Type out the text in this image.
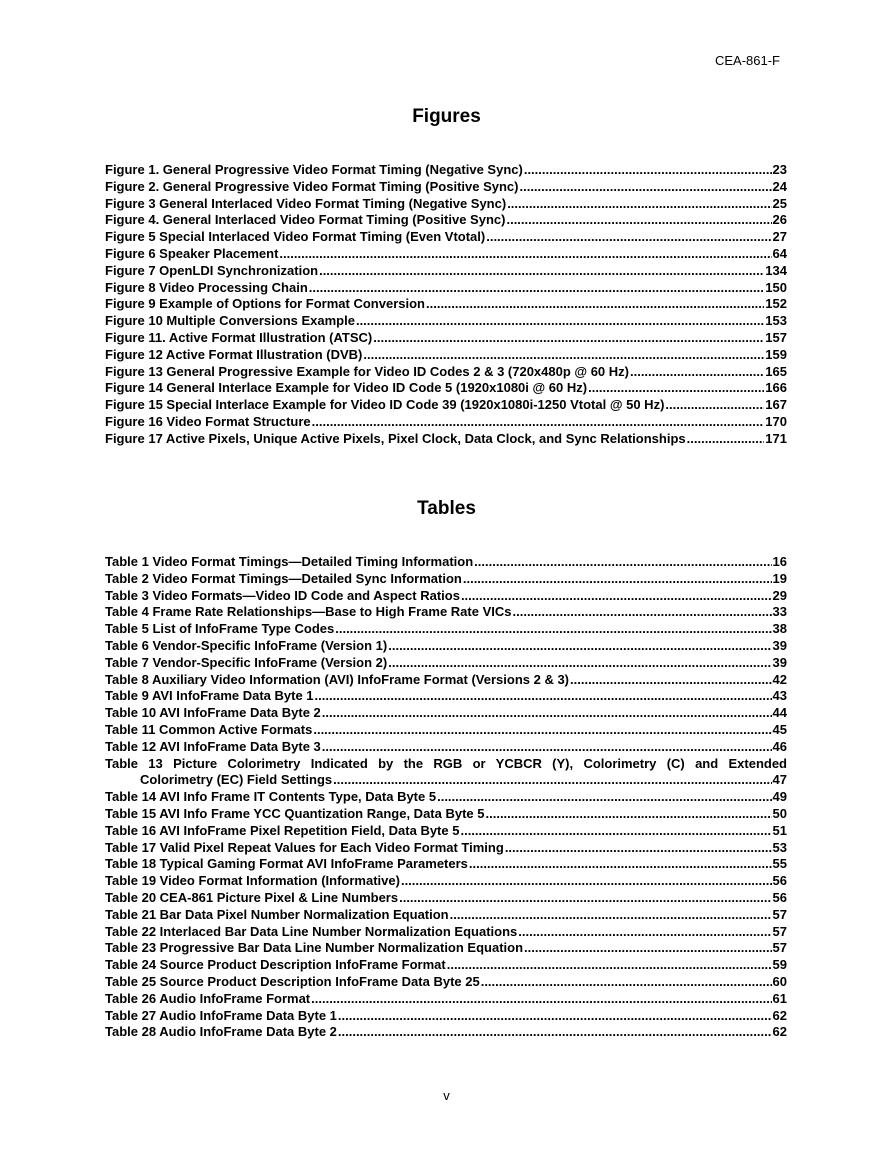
CEA-861-F
Figures
Figure 1. General Progressive Video Format Timing (Negative Sync) .....	23
Figure 2. General Progressive Video Format Timing (Positive Sync) .....	24
Figure 3 General Interlaced Video Format Timing (Negative Sync) .....	25
Figure 4. General Interlaced Video Format Timing (Positive Sync) .....	26
Figure 5 Special Interlaced Video Format Timing (Even Vtotal) .....	27
Figure 6 Speaker Placement .....	64
Figure 7 OpenLDI Synchronization .....	134
Figure 8 Video Processing Chain .....	150
Figure 9 Example of Options for Format Conversion .....	152
Figure 10 Multiple Conversions Example .....	153
Figure 11. Active Format Illustration (ATSC) .....	157
Figure 12 Active Format Illustration (DVB) .....	159
Figure 13 General Progressive Example for Video ID Codes 2 & 3 (720x480p @ 60 Hz) .....	165
Figure 14 General Interlace Example for Video ID Code 5 (1920x1080i @ 60 Hz) .....	166
Figure 15 Special Interlace Example for Video ID Code 39 (1920x1080i-1250 Vtotal @ 50 Hz) .....	167
Figure 16 Video Format Structure .....	170
Figure 17 Active Pixels, Unique Active Pixels, Pixel Clock, Data Clock, and Sync Relationships .....	171
Tables
Table 1 Video Format Timings—Detailed Timing Information .....	16
Table 2 Video Format Timings—Detailed Sync Information .....	19
Table 3 Video Formats—Video ID Code and Aspect Ratios .....	29
Table 4 Frame Rate Relationships—Base to High Frame Rate VICs .....	33
Table 5 List of InfoFrame Type Codes .....	38
Table 6 Vendor-Specific InfoFrame (Version 1) .....	39
Table 7 Vendor-Specific InfoFrame (Version 2) .....	39
Table 8 Auxiliary Video Information (AVI) InfoFrame Format (Versions 2 & 3) .....	42
Table 9 AVI InfoFrame Data Byte 1 .....	43
Table 10 AVI InfoFrame Data Byte 2 .....	44
Table 11 Common Active Formats .....	45
Table 12 AVI InfoFrame Data Byte 3 .....	46
Table 13 Picture Colorimetry Indicated by the RGB or YCBCR (Y), Colorimetry (C) and Extended
Colorimetry (EC) Field Settings .....	47
Table 14 AVI Info Frame IT Contents Type, Data Byte 5 .....	49
Table 15 AVI Info Frame YCC Quantization Range, Data Byte 5 .....	50
Table 16 AVI InfoFrame Pixel Repetition Field, Data Byte 5 .....	51
Table 17 Valid Pixel Repeat Values for Each Video Format Timing .....	53
Table 18 Typical Gaming Format AVI InfoFrame Parameters .....	55
Table 19 Video Format Information (Informative) .....	56
Table 20 CEA-861 Picture Pixel & Line Numbers .....	56
Table 21 Bar Data Pixel Number Normalization Equation .....	57
Table 22 Interlaced Bar Data Line Number Normalization Equations .....	57
Table 23 Progressive Bar Data Line Number Normalization Equation .....	57
Table 24 Source Product Description InfoFrame Format .....	59
Table 25 Source Product Description InfoFrame Data Byte 25 .....	60
Table 26 Audio InfoFrame Format .....	61
Table 27 Audio InfoFrame Data Byte 1 .....	62
Table 28 Audio InfoFrame Data Byte 2 .....	62
v
